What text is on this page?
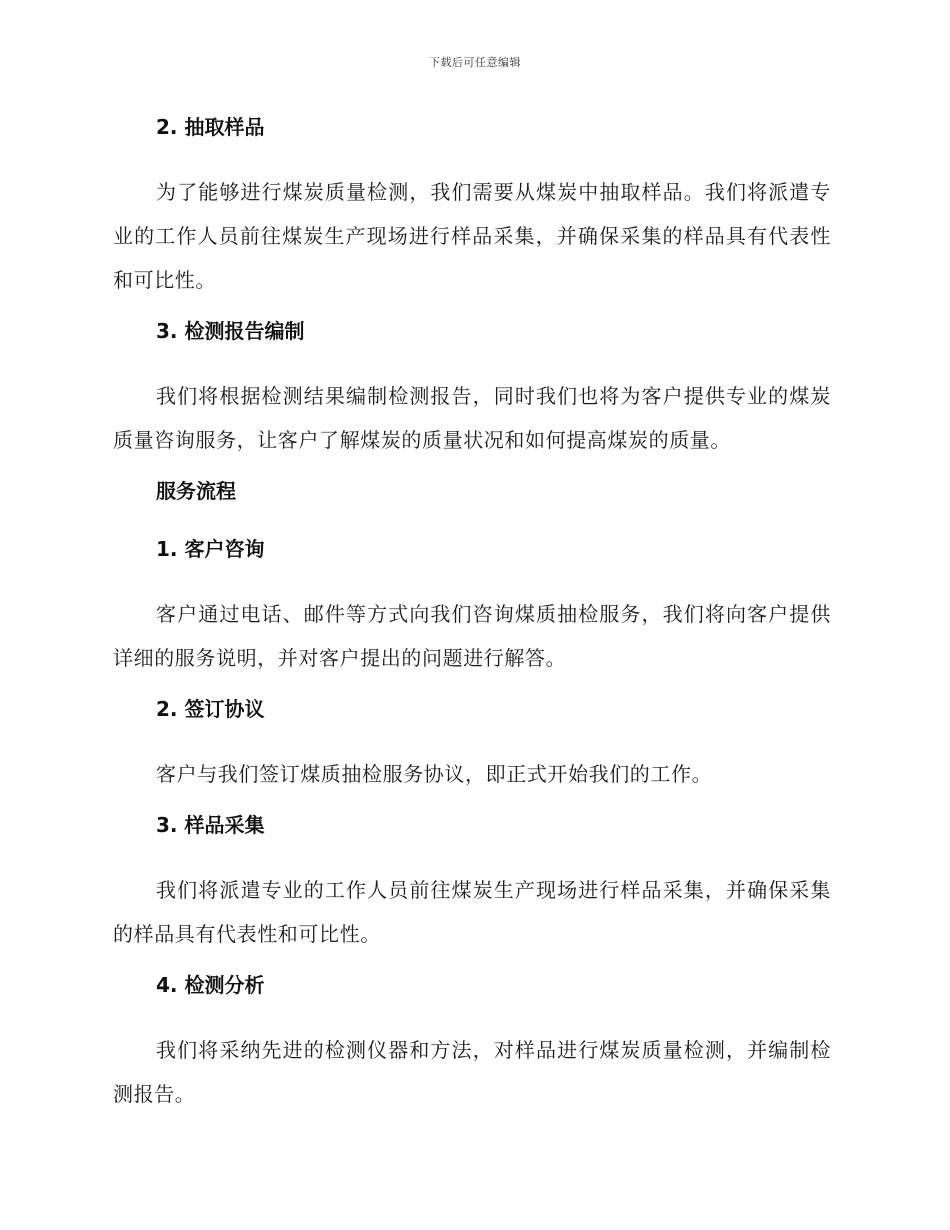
下载后可任意编辑
2. 抽取样品

为了能够进行煤炭质量检测，我们需要从煤炭中抽取样品。我们将派遣专业的工作人员前往煤炭生产现场进行样品采集，并确保采集的样品具有代表性和可比性。

3. 检测报告编制

我们将根据检测结果编制检测报告，同时我们也将为客户提供专业的煤炭质量咨询服务，让客户了解煤炭的质量状况和如何提高煤炭的质量。

服务流程
1. 客户咨询

客户通过电话、邮件等方式向我们咨询煤质抽检服务，我们将向客户提供详细的服务说明，并对客户提出的问题进行解答。

2. 签订协议

客户与我们签订煤质抽检服务协议，即正式开始我们的工作。

3. 样品采集

我们将派遣专业的工作人员前往煤炭生产现场进行样品采集，并确保采集的样品具有代表性和可比性。

4. 检测分析

我们将采纳先进的检测仪器和方法，对样品进行煤炭质量检测，并编制检测报告。
